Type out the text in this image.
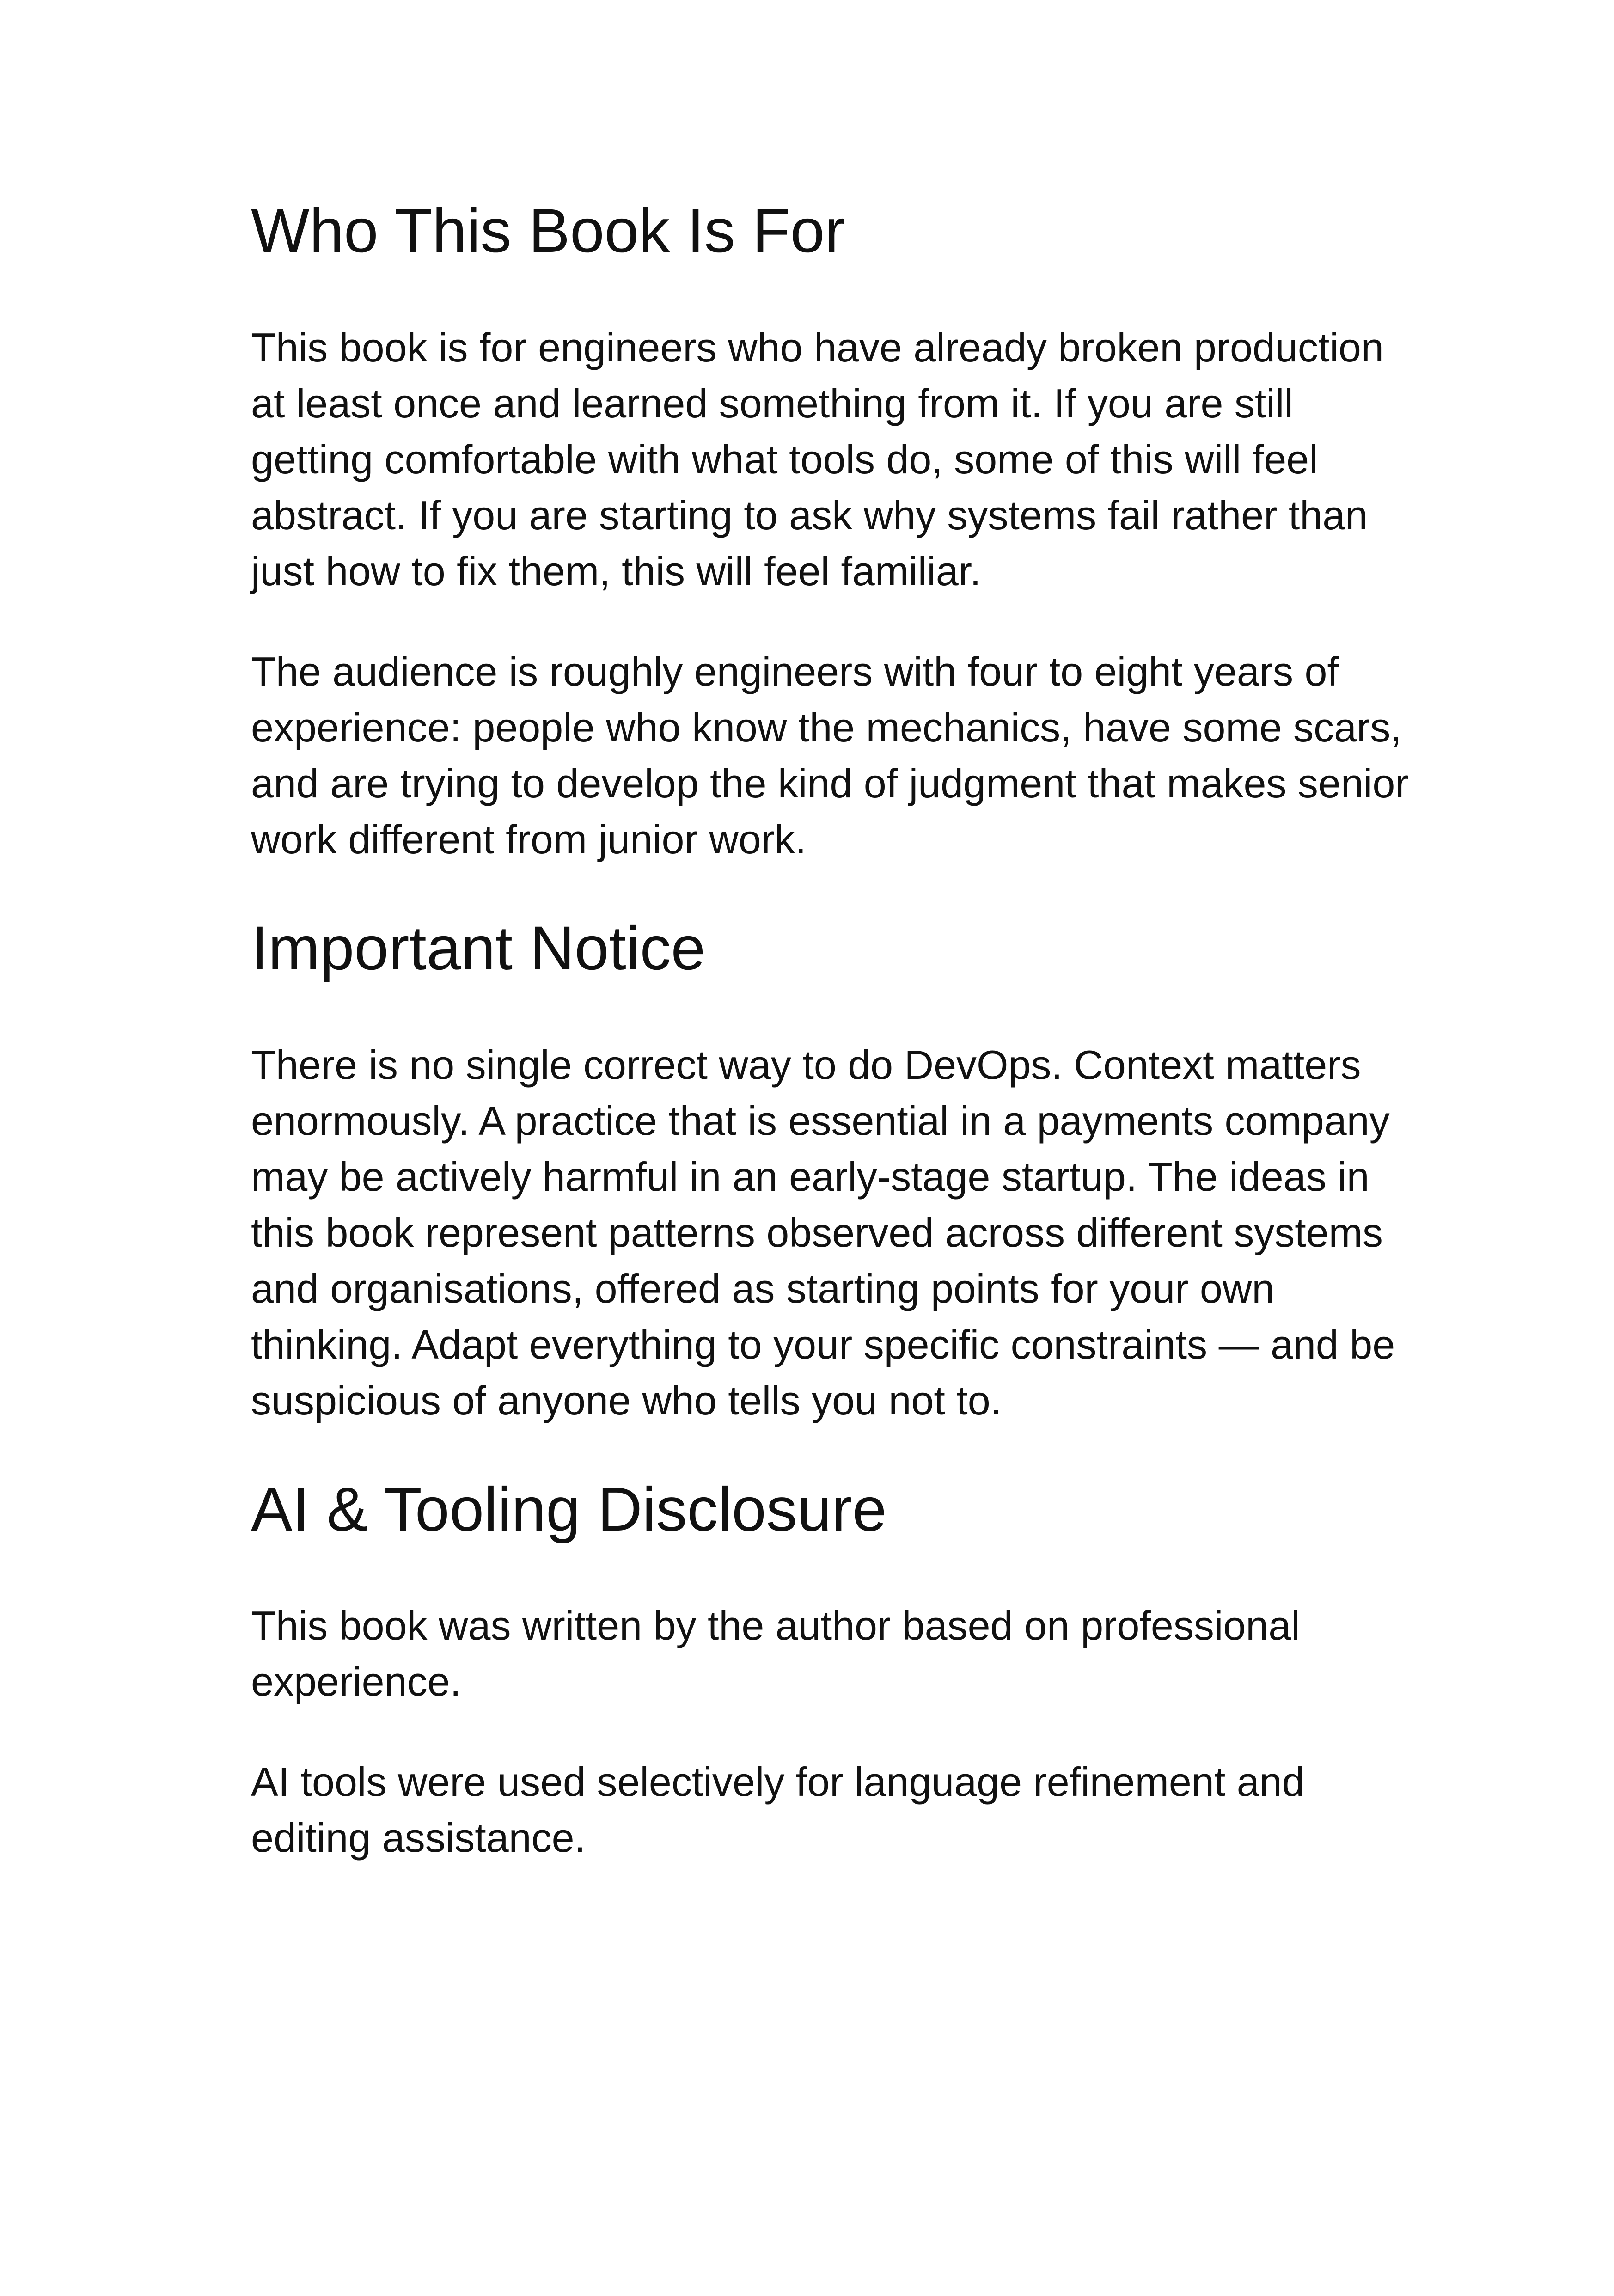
Who This Book Is For

This book is for engineers who have already broken production at least once and learned something from it. If you are still getting comfortable with what tools do, some of this will feel abstract. If you are starting to ask why systems fail rather than just how to fix them, this will feel familiar.

The audience is roughly engineers with four to eight years of experience: people who know the mechanics, have some scars, and are trying to develop the kind of judgment that makes senior work different from junior work.

Important Notice

There is no single correct way to do DevOps. Context matters enormously. A practice that is essential in a payments company may be actively harmful in an early-stage startup. The ideas in this book represent patterns observed across different systems and organisations, offered as starting points for your own thinking. Adapt everything to your specific constraints — and be suspicious of anyone who tells you not to.

AI & Tooling Disclosure

This book was written by the author based on professional experience.

AI tools were used selectively for language refinement and editing assistance.
